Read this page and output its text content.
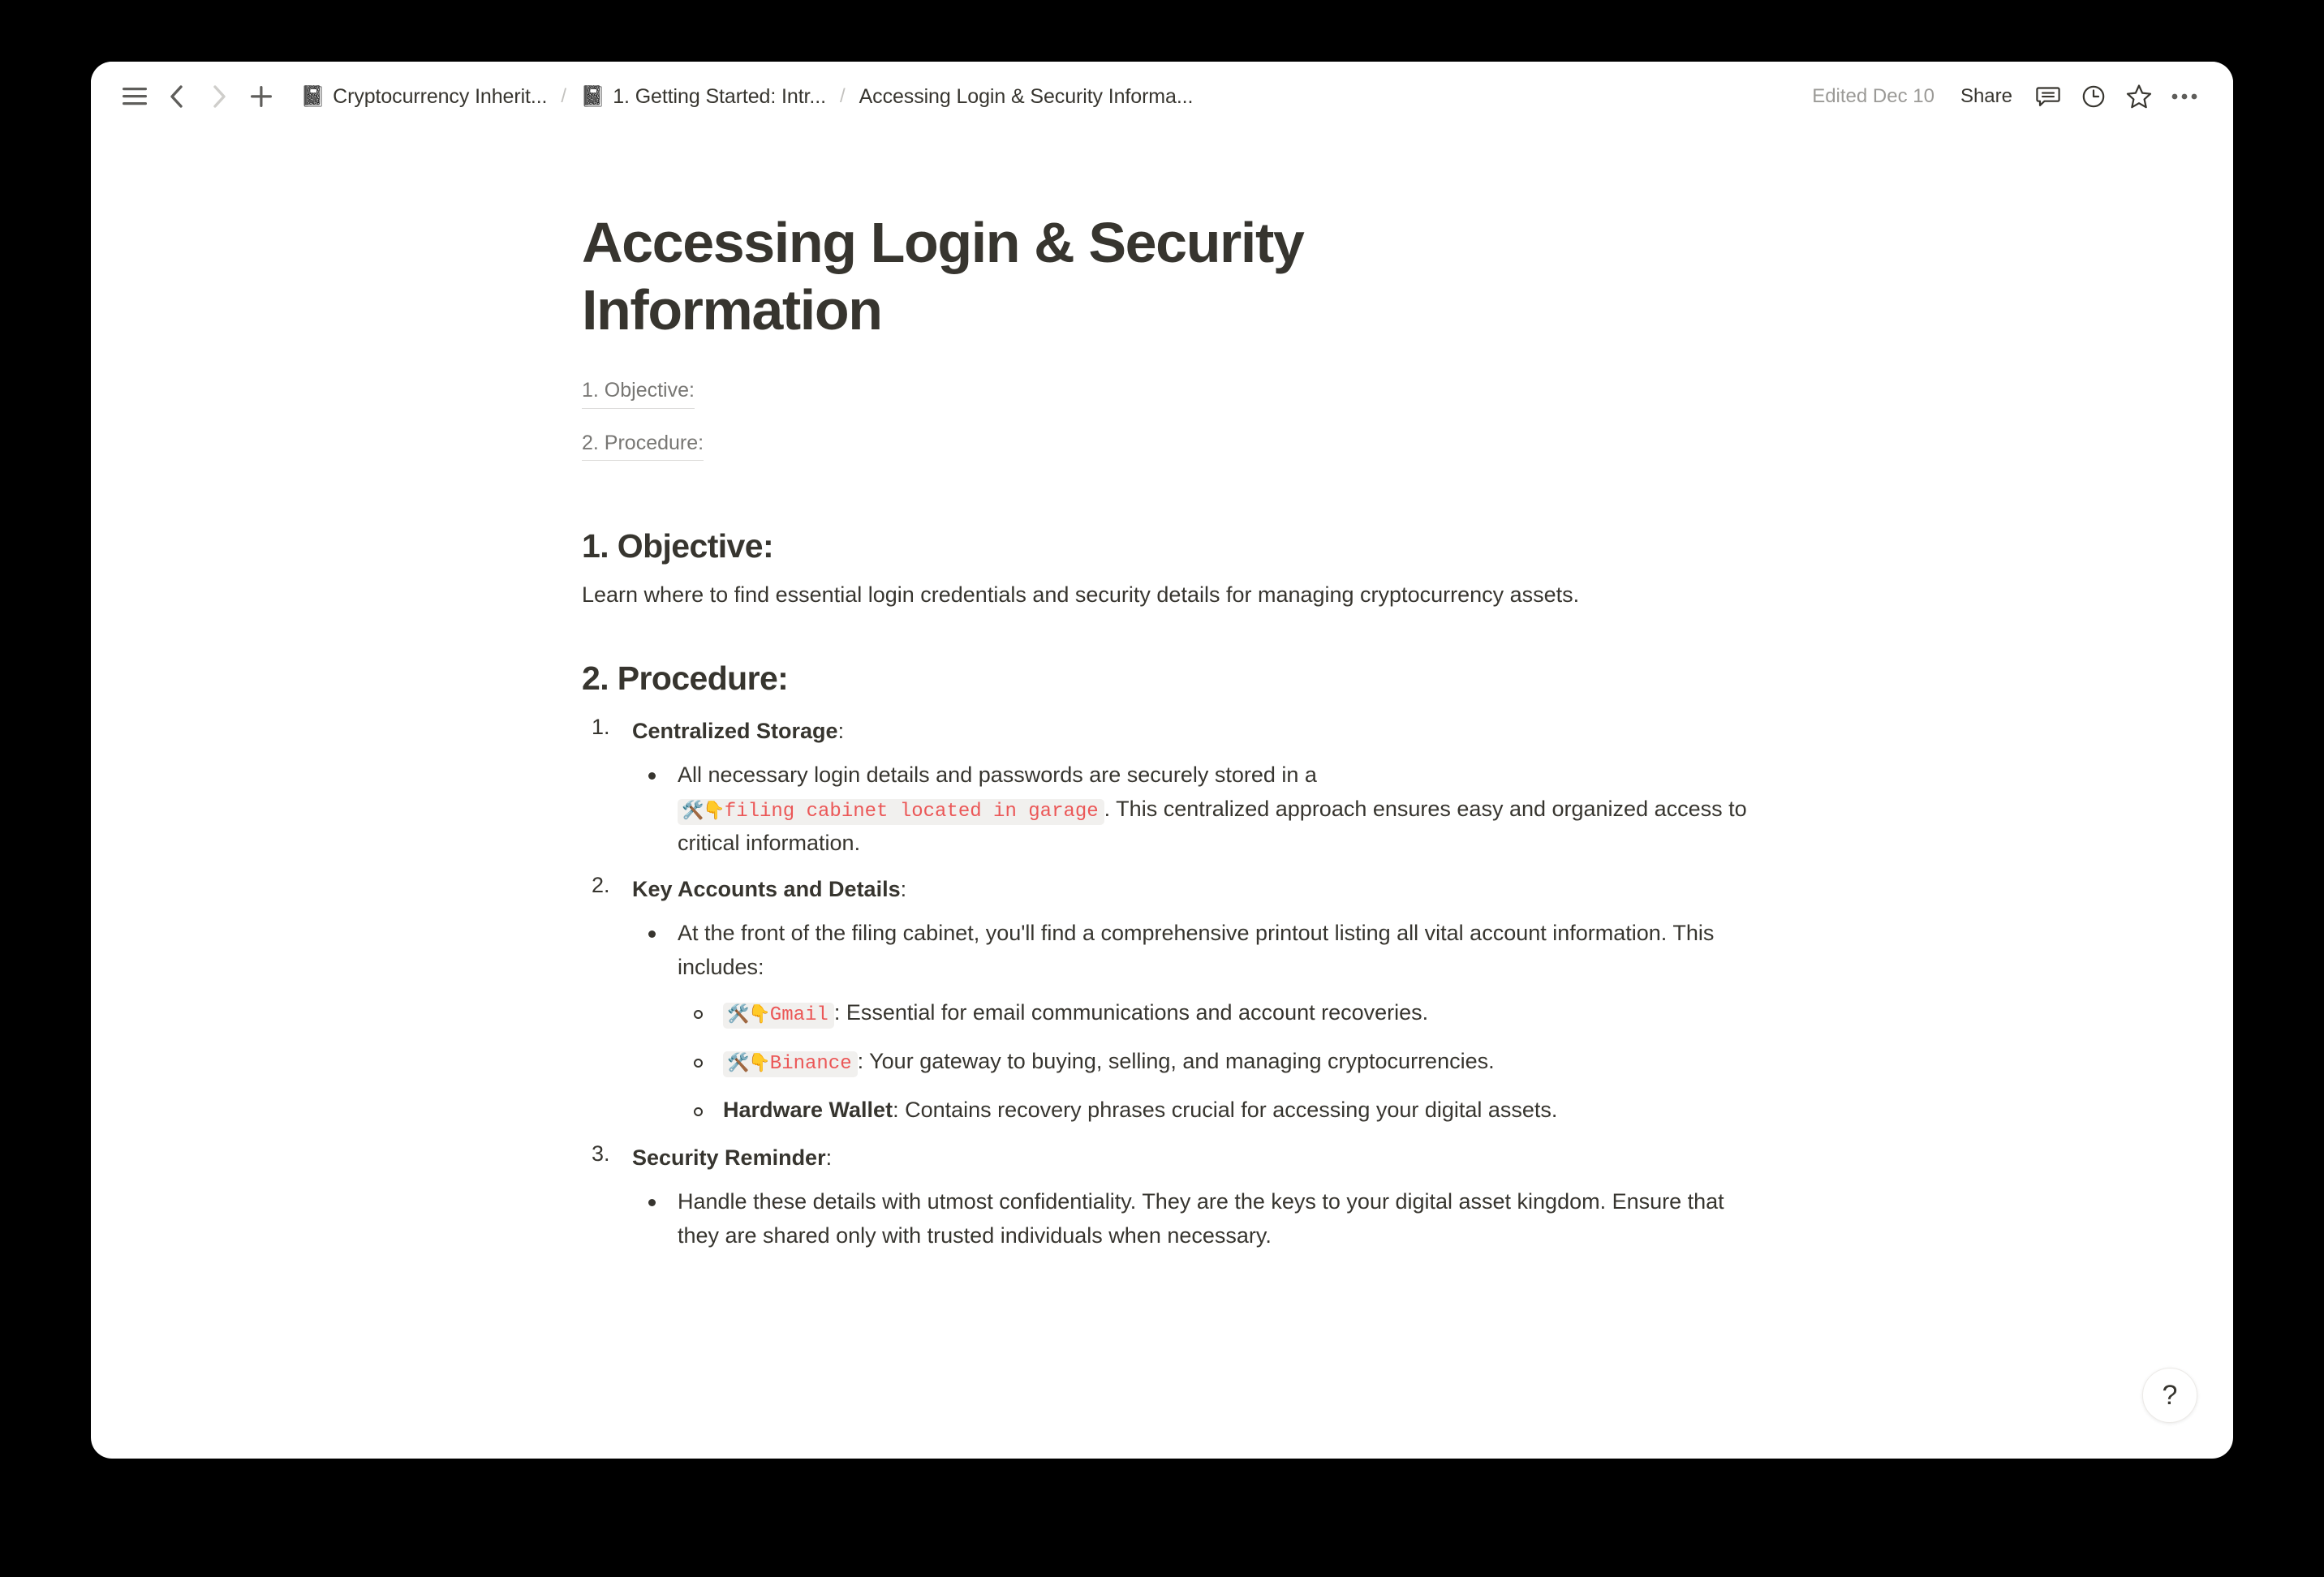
📓 Cryptocurrency Inherit... / 📓 1. Getting Started: Intr... / Accessing Login & Security Informa...	Edited Dec 10	Share
Accessing Login & Security Information
1. Objective:
2. Procedure:
1. Objective:

Learn where to find essential login credentials and security details for managing cryptocurrency assets.

2. Procedure:
Centralized Storage:
All necessary login details and passwords are securely stored in a 🛠️👇filing cabinet located in garage . This centralized approach ensures easy and organized access to critical information.
Key Accounts and Details:
At the front of the filing cabinet, you'll find a comprehensive printout listing all vital account information. This includes:
🛠️👇Gmail : Essential for email communications and account recoveries.
🛠️👇Binance : Your gateway to buying, selling, and managing cryptocurrencies.
Hardware Wallet: Contains recovery phrases crucial for accessing your digital assets.
Security Reminder:
Handle these details with utmost confidentiality. They are the keys to your digital asset kingdom. Ensure that they are shared only with trusted individuals when necessary.
?
